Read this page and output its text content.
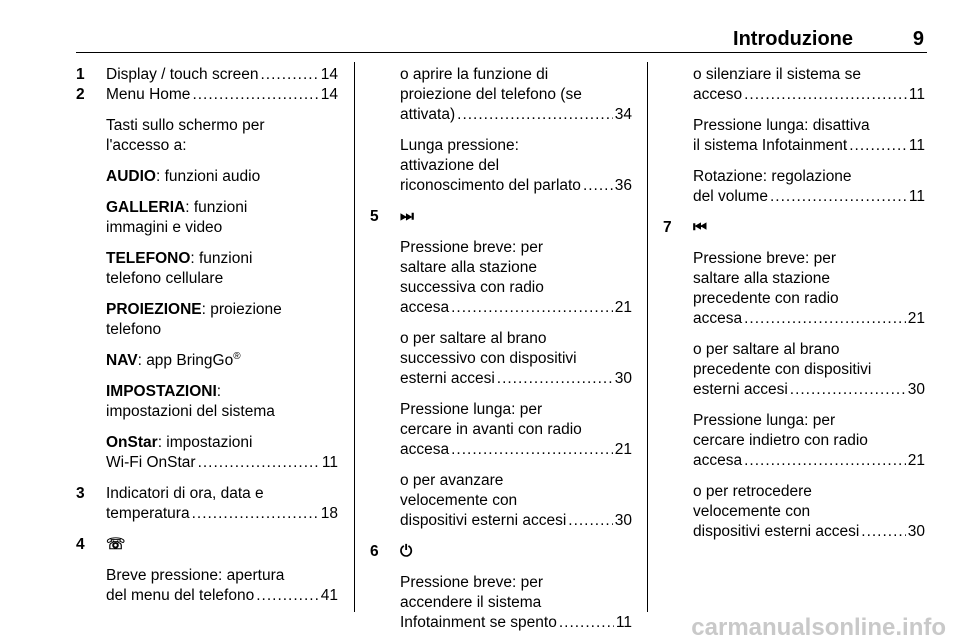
Introduzione	9
1 Display / touch screen .....	14
2 Menu Home .....	14
Tasti sullo schermo per
l'accesso a:
AUDIO: funzioni audio
GALLERIA: funzioni
immagini e video
TELEFONO: funzioni
telefono cellulare
PROIEZIONE: proiezione
telefono
NAV: app BringGo®
IMPOSTAZIONI:
impostazioni del sistema
OnStar: impostazioni
Wi-Fi OnStar .....	11
3 Indicatori di ora, data e
temperatura .....	18
4 ☏
Breve pressione: apertura
del menu del telefono .....	41
o aprire la funzione di
proiezione del telefono (se
attivata) .....	34
Lunga pressione:
attivazione del
riconoscimento del parlato ..... 36
5 ⏭
Pressione breve: per
saltare alla stazione
successiva con radio
accesa .....	21
o per saltare al brano
successivo con dispositivi
esterni accesi .....	30
Pressione lunga: per
cercare in avanti con radio
accesa .....	21
o per avanzare
velocemente con
dispositivi esterni accesi .....	30
6 ⏻
Pressione breve: per
accendere il sistema
Infotainment se spento .....	11
o silenziare il sistema se
acceso .....	11
Pressione lunga: disattiva
il sistema Infotainment .....	11
Rotazione: regolazione
del volume .....	11
7 ⏮
Pressione breve: per
saltare alla stazione
precedente con radio
accesa .....	21
o per saltare al brano
precedente con dispositivi
esterni accesi .....	30
Pressione lunga: per
cercare indietro con radio
accesa .....	21
o per retrocedere
velocemente con
dispositivi esterni accesi .....	30
carmanualsonline.info
